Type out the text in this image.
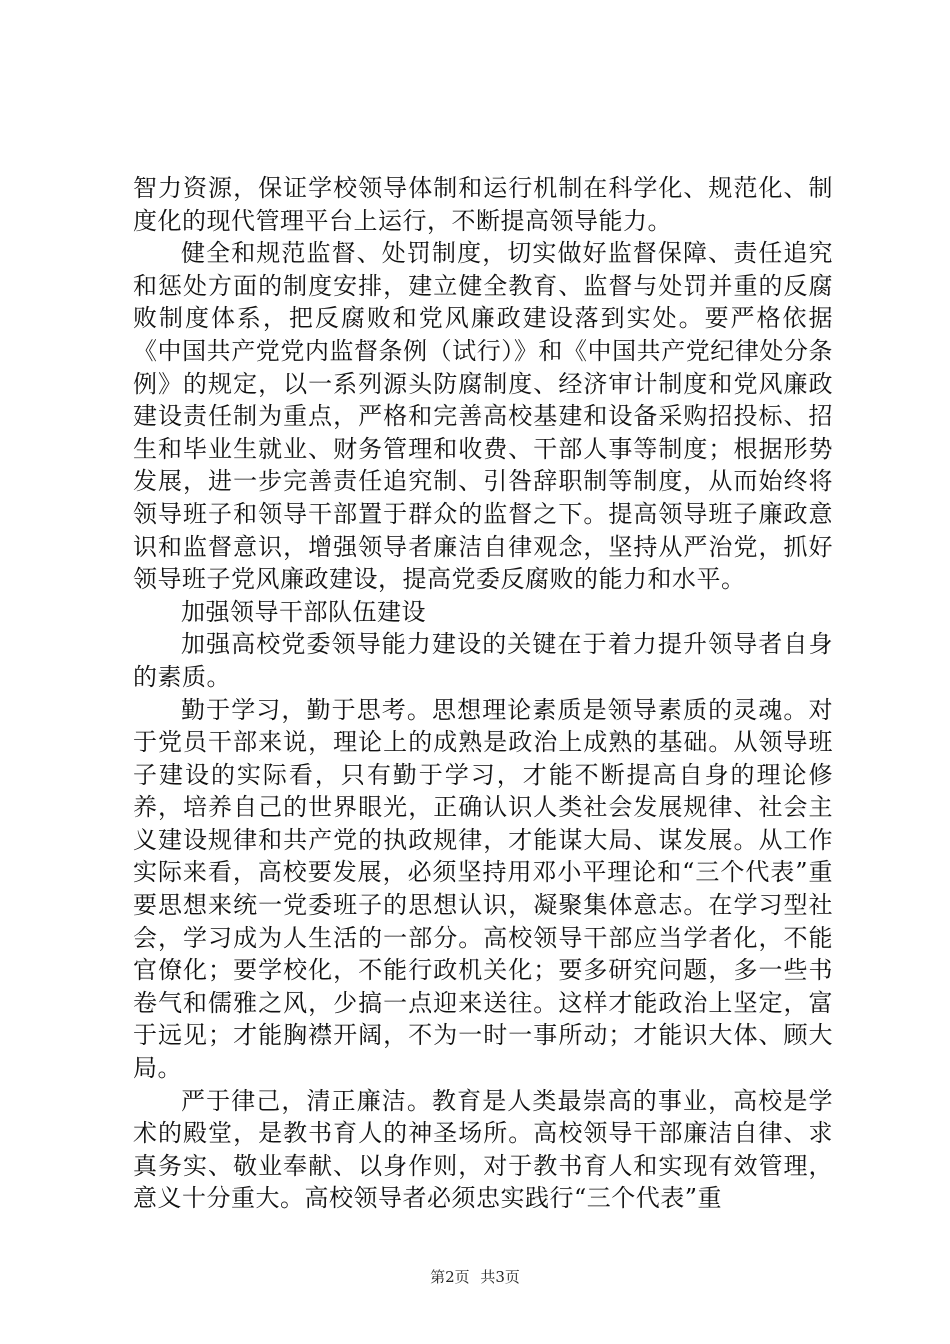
智力资源，保证学校领导体制和运行机制在科学化、规范化、制度化的现代管理平台上运行，不断提高领导能力。

健全和规范监督、处罚制度，切实做好监督保障、责任追究和惩处方面的制度安排，建立健全教育、监督与处罚并重的反腐败制度体系，把反腐败和党风廉政建设落到实处。要严格依据《中国共产党党内监督条例（试行）》和《中国共产党纪律处分条例》的规定，以一系列源头防腐制度、经济审计制度和党风廉政建设责任制为重点，严格和完善高校基建和设备采购招投标、招生和毕业生就业、财务管理和收费、干部人事等制度；根据形势发展，进一步完善责任追究制、引咎辞职制等制度，从而始终将领导班子和领导干部置于群众的监督之下。提高领导班子廉政意识和监督意识，增强领导者廉洁自律观念，坚持从严治党，抓好领导班子党风廉政建设，提高党委反腐败的能力和水平。

加强领导干部队伍建设

加强高校党委领导能力建设的关键在于着力提升领导者自身的素质。

勤于学习，勤于思考。思想理论素质是领导素质的灵魂。对于党员干部来说，理论上的成熟是政治上成熟的基础。从领导班子建设的实际看，只有勤于学习，才能不断提高自身的理论修养，培养自己的世界眼光，正确认识人类社会发展规律、社会主义建设规律和共产党的执政规律，才能谋大局、谋发展。从工作实际来看，高校要发展，必须坚持用邓小平理论和“三个代表”重要思想来统一党委班子的思想认识，凝聚集体意志。在学习型社会，学习成为人生活的一部分。高校领导干部应当学者化，不能官僚化；要学校化，不能行政机关化；要多研究问题，多一些书卷气和儒雅之风，少搞一点迎来送往。这样才能政治上坚定，富于远见；才能胸襟开阔，不为一时一事所动；才能识大体、顾大局。

严于律己，清正廉洁。教育是人类最崇高的事业，高校是学术的殿堂，是教书育人的神圣场所。高校领导干部廉洁自律、求真务实、敬业奉献、以身作则，对于教书育人和实现有效管理，意义十分重大。高校领导者必须忠实践行“三个代表”重

第2页 共3页
